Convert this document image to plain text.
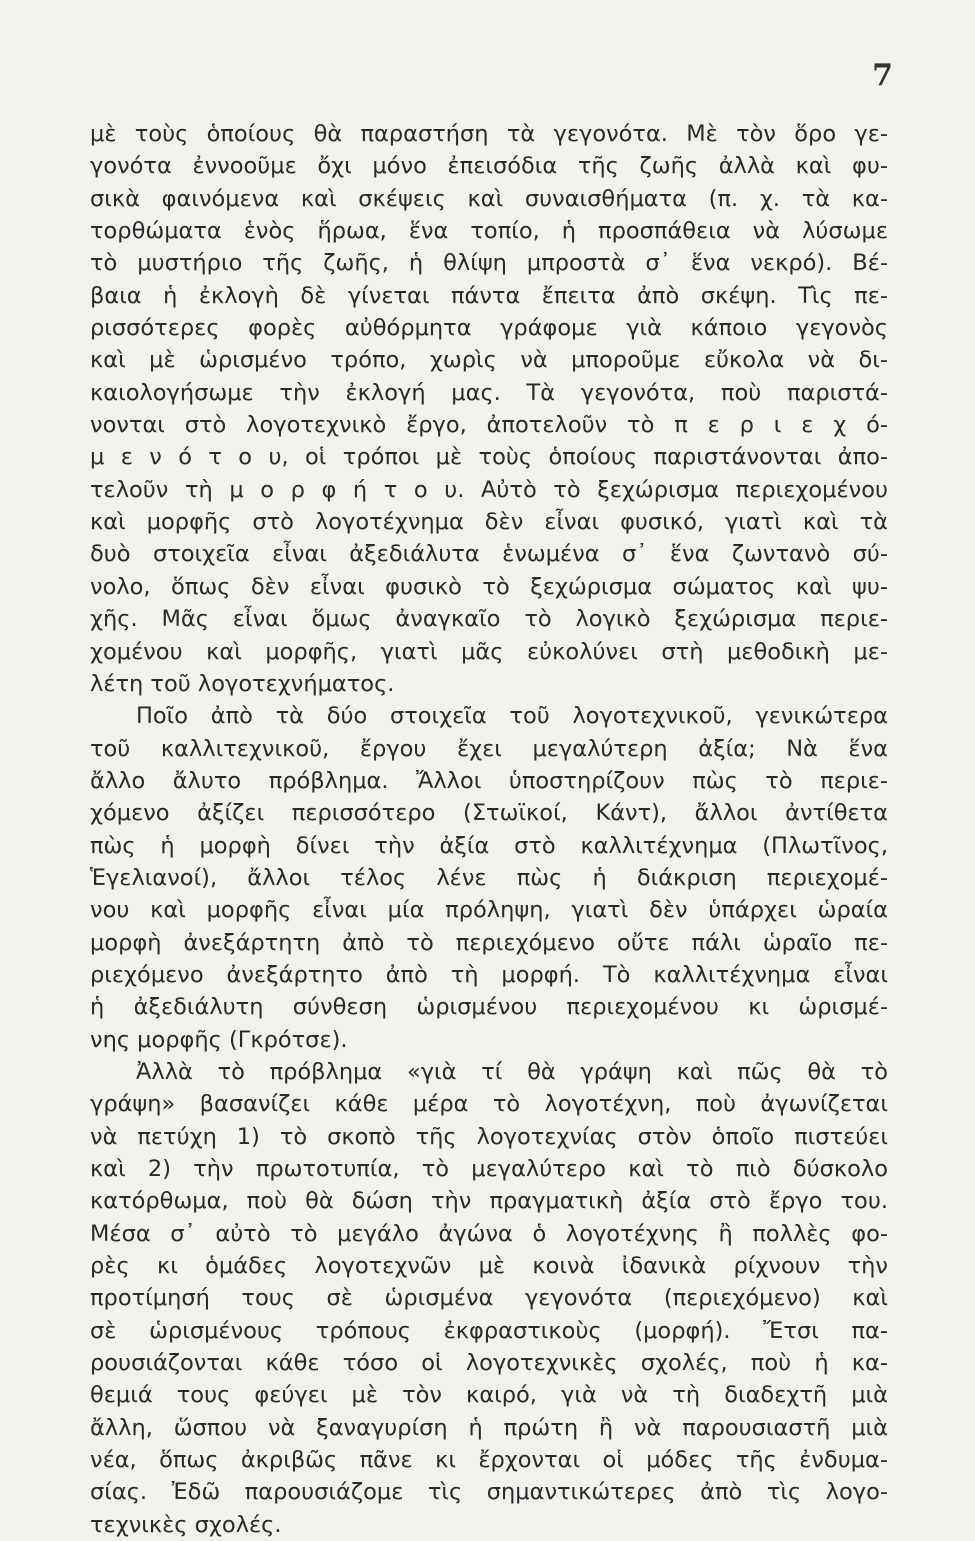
7
μὲ τοὺς ὁποίους θὰ παραστήση τὰ γεγονότα. Μὲ τὸν ὅρο γε-
γονότα ἐννοοῦμε ὄχι μόνο ἐπεισόδια τῆς ζωῆς ἀλλὰ καὶ φυ-
σικὰ φαινόμενα καὶ σκέψεις καὶ συναισθήματα (π. χ. τὰ κα-
τορθώματα ἑνὸς ἥρωα, ἕνα τοπίο, ἡ προσπάθεια νὰ λύσωμε
τὸ μυστήριο τῆς ζωῆς, ἡ θλίψη μπροστὰ σ᾿ ἕνα νεκρό). Βέ-
βαια ἡ ἐκλογὴ δὲ γίνεται πάντα ἔπειτα ἀπὸ σκέψη. Τὶς πε-
ρισσότερες φορὲς αὐθόρμητα γράφομε γιὰ κάποιο γεγονὸς
καὶ μὲ ὡρισμένο τρόπο, χωρὶς νὰ μποροῦμε εὔκολα νὰ δι-
καιολογήσωμε τὴν ἐκλογή μας. Τὰ γεγονότα, ποὺ παριστά-
νονται στὸ λογοτεχνικὸ ἔργο, ἀποτελοῦν τὸ π ε ρ ι ε χ ό-
μ ε ν ό τ ο υ, οἱ τρόποι μὲ τοὺς ὁποίους παριστάνονται ἀπο-
τελοῦν τὴ μ ο ρ φ ή τ ο υ. Αὐτὸ τὸ ξεχώρισμα περιεχομένου
καὶ μορφῆς στὸ λογοτέχνημα δὲν εἶναι φυσικό, γιατὶ καὶ τὰ
δυὸ στοιχεῖα εἶναι ἀξεδιάλυτα ἑνωμένα σ᾿ ἕνα ζωντανὸ σύ-
νολο, ὅπως δὲν εἶναι φυσικὸ τὸ ξεχώρισμα σώματος καὶ ψυ-
χῆς. Μᾶς εἶναι ὅμως ἀναγκαῖο τὸ λογικὸ ξεχώρισμα περιε-
χομένου καὶ μορφῆς, γιατὶ μᾶς εὐκολύνει στὴ μεθοδικὴ με-
λέτη τοῦ λογοτεχνήματος.
Ποῖο ἀπὸ τὰ δύο στοιχεῖα τοῦ λογοτεχνικοῦ, γενικώτερα
τοῦ καλλιτεχνικοῦ, ἔργου ἔχει μεγαλύτερη ἀξία; Νὰ ἕνα
ἄλλο ἄλυτο πρόβλημα. Ἄλλοι ὑποστηρίζουν πὼς τὸ περιε-
χόμενο ἀξίζει περισσότερο (Στωϊκοί, Κάντ), ἄλλοι ἀντίθετα
πὼς ἡ μορφὴ δίνει τὴν ἀξία στὸ καλλιτέχνημα (Πλωτῖνος,
Ἑγελιανοί), ἄλλοι τέλος λένε πὼς ἡ διάκριση περιεχομέ-
νου καὶ μορφῆς εἶναι μία πρόληψη, γιατὶ δὲν ὑπάρχει ὡραία
μορφὴ ἀνεξάρτητη ἀπὸ τὸ περιεχόμενο οὔτε πάλι ὡραῖο πε-
ριεχόμενο ἀνεξάρτητο ἀπὸ τὴ μορφή. Τὸ καλλιτέχνημα εἶναι
ἡ ἀξεδιάλυτη σύνθεση ὡρισμένου περιεχομένου κι ὡρισμέ-
νης μορφῆς (Γκρότσε).
Ἀλλὰ τὸ πρόβλημα «γιὰ τί θὰ γράψη καὶ πῶς θὰ τὸ
γράψη» βασανίζει κάθε μέρα τὸ λογοτέχνη, ποὺ ἀγωνίζεται
νὰ πετύχη 1) τὸ σκοπὸ τῆς λογοτεχνίας στὸν ὁποῖο πιστεύει
καὶ 2) τὴν πρωτοτυπία, τὸ μεγαλύτερο καὶ τὸ πιὸ δύσκολο
κατόρθωμα, ποὺ θὰ δώση τὴν πραγματικὴ ἀξία στὸ ἔργο του.
Μέσα σ᾿ αὐτὸ τὸ μεγάλο ἀγώνα ὁ λογοτέχνης ἢ πολλὲς φο-
ρὲς κι ὁμάδες λογοτεχνῶν μὲ κοινὰ ἰδανικὰ ρίχνουν τὴν
προτίμησή τους σὲ ὡρισμένα γεγονότα (περιεχόμενο) καὶ
σὲ ὡρισμένους τρόπους ἐκφραστικοὺς (μορφή). Ἔτσι πα-
ρουσιάζονται κάθε τόσο οἱ λογοτεχνικὲς σχολές, ποὺ ἡ κα-
θεμιά τους φεύγει μὲ τὸν καιρό, γιὰ νὰ τὴ διαδεχτῆ μιὰ
ἄλλη, ὥσπου νὰ ξαναγυρίση ἡ πρώτη ἢ νὰ παρουσιαστῆ μιὰ
νέα, ὅπως ἀκριβῶς πᾶνε κι ἔρχονται οἱ μόδες τῆς ἐνδυμα-
σίας. Ἐδῶ παρουσιάζομε τὶς σημαντικώτερες ἀπὸ τὶς λογο-
τεχνικὲς σχολές.
